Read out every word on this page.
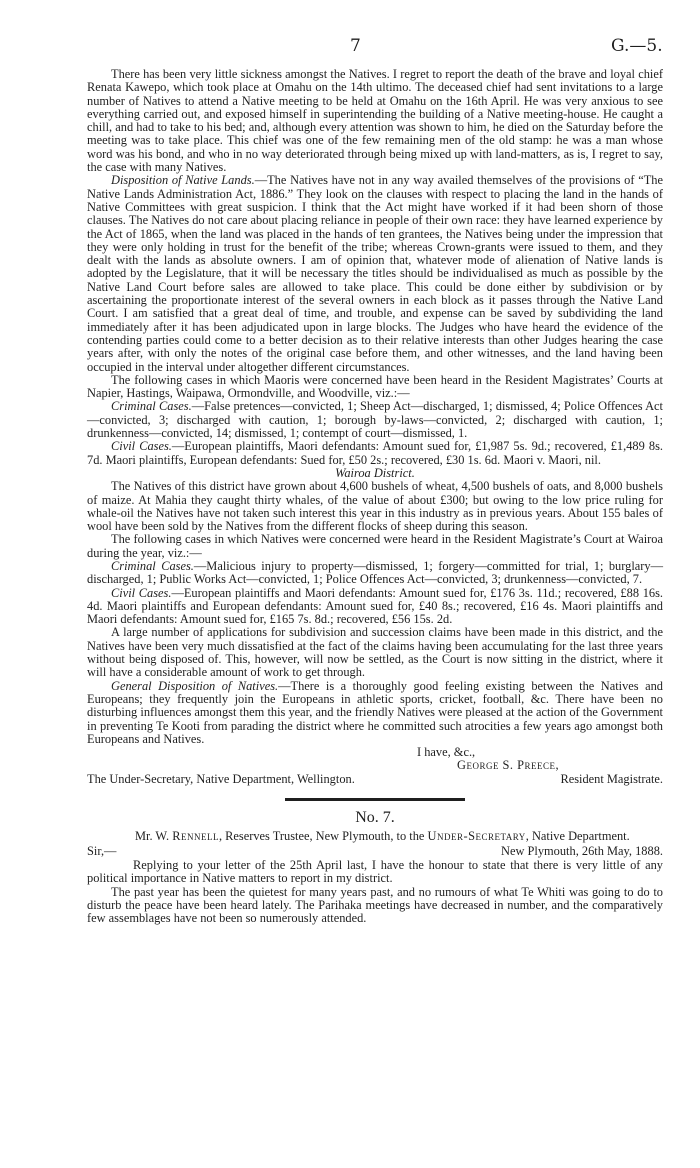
7	G.—5.

There has been very little sickness amongst the Natives. I regret to report the death of the brave and loyal chief Renata Kawepo, which took place at Omahu on the 14th ultimo. The deceased chief had sent invitations to a large number of Natives to attend a Native meeting to be held at Omahu on the 16th April. He was very anxious to see everything carried out, and exposed himself in superintending the building of a Native meeting-house. He caught a chill, and had to take to his bed; and, although every attention was shown to him, he died on the Saturday before the meeting was to take place. This chief was one of the few remaining men of the old stamp: he was a man whose word was his bond, and who in no way deteriorated through being mixed up with land-matters, as is, I regret to say, the case with many Natives.

Disposition of Native Lands.—The Natives have not in any way availed themselves of the provisions of “The Native Lands Administration Act, 1886.” They look on the clauses with respect to placing the land in the hands of Native Committees with great suspicion. I think that the Act might have worked if it had been shorn of those clauses. The Natives do not care about placing reliance in people of their own race: they have learned experience by the Act of 1865, when the land was placed in the hands of ten grantees, the Natives being under the impression that they were only holding in trust for the benefit of the tribe; whereas Crown-grants were issued to them, and they dealt with the lands as absolute owners. I am of opinion that, whatever mode of alienation of Native lands is adopted by the Legislature, that it will be necessary the titles should be individualised as much as possible by the Native Land Court before sales are allowed to take place. This could be done either by subdivision or by ascertaining the proportionate interest of the several owners in each block as it passes through the Native Land Court. I am satisfied that a great deal of time, and trouble, and expense can be saved by subdividing the land immediately after it has been adjudicated upon in large blocks. The Judges who have heard the evidence of the contending parties could come to a better decision as to their relative interests than other Judges hearing the case years after, with only the notes of the original case before them, and other witnesses, and the land having been occupied in the interval under altogether different circumstances.

The following cases in which Maoris were concerned have been heard in the Resident Magistrates’ Courts at Napier, Hastings, Waipawa, Ormondville, and Woodville, viz.:—

Criminal Cases.—False pretences—convicted, 1; Sheep Act—discharged, 1; dismissed, 4; Police Offences Act—convicted, 3; discharged with caution, 1; borough by-laws—convicted, 2; discharged with caution, 1; drunkenness—convicted, 14; dismissed, 1; contempt of court—dismissed, 1.

Civil Cases.—European plaintiffs, Maori defendants: Amount sued for, £1,987 5s. 9d.; recovered, £1,489 8s. 7d. Maori plaintiffs, European defendants: Sued for, £50 2s.; recovered, £30 1s. 6d. Maori v. Maori, nil.

Wairoa District.

The Natives of this district have grown about 4,600 bushels of wheat, 4,500 bushels of oats, and 8,000 bushels of maize. At Mahia they caught thirty whales, of the value of about £300; but owing to the low price ruling for whale-oil the Natives have not taken such interest this year in this industry as in previous years. About 155 bales of wool have been sold by the Natives from the different flocks of sheep during this season.

The following cases in which Natives were concerned were heard in the Resident Magistrate’s Court at Wairoa during the year, viz.:—

Criminal Cases.—Malicious injury to property—dismissed, 1; forgery—committed for trial, 1; burglary—discharged, 1; Public Works Act—convicted, 1; Police Offences Act—convicted, 3; drunkenness—convicted, 7.

Civil Cases.—European plaintiffs and Maori defendants: Amount sued for, £176 3s. 11d.; recovered, £88 16s. 4d. Maori plaintiffs and European defendants: Amount sued for, £40 8s.; recovered, £16 4s. Maori plaintiffs and Maori defendants: Amount sued for, £165 7s. 8d.; recovered, £56 15s. 2d.

A large number of applications for subdivision and succession claims have been made in this district, and the Natives have been very much dissatisfied at the fact of the claims having been accumulating for the last three years without being disposed of. This, however, will now be settled, as the Court is now sitting in the district, where it will have a considerable amount of work to get through.

General Disposition of Natives.—There is a thoroughly good feeling existing between the Natives and Europeans; they frequently join the Europeans in athletic sports, cricket, football, &c. There have been no disturbing influences amongst them this year, and the friendly Natives were pleased at the action of the Government in preventing Te Kooti from parading the district where he committed such atrocities a few years ago amongst both Europeans and Natives.

I have, &c.,
George S. Preece,
The Under-Secretary, Native Department, Wellington.	Resident Magistrate.
No. 7.

Mr. W. Rennell, Reserves Trustee, New Plymouth, to the Under-Secretary, Native Department.

Sir,—	New Plymouth, 26th May, 1888.

Replying to your letter of the 25th April last, I have the honour to state that there is very little of any political importance in Native matters to report in my district.

The past year has been the quietest for many years past, and no rumours of what Te Whiti was going to do to disturb the peace have been heard lately. The Parihaka meetings have decreased in number, and the comparatively few assemblages have not been so numerously attended.
